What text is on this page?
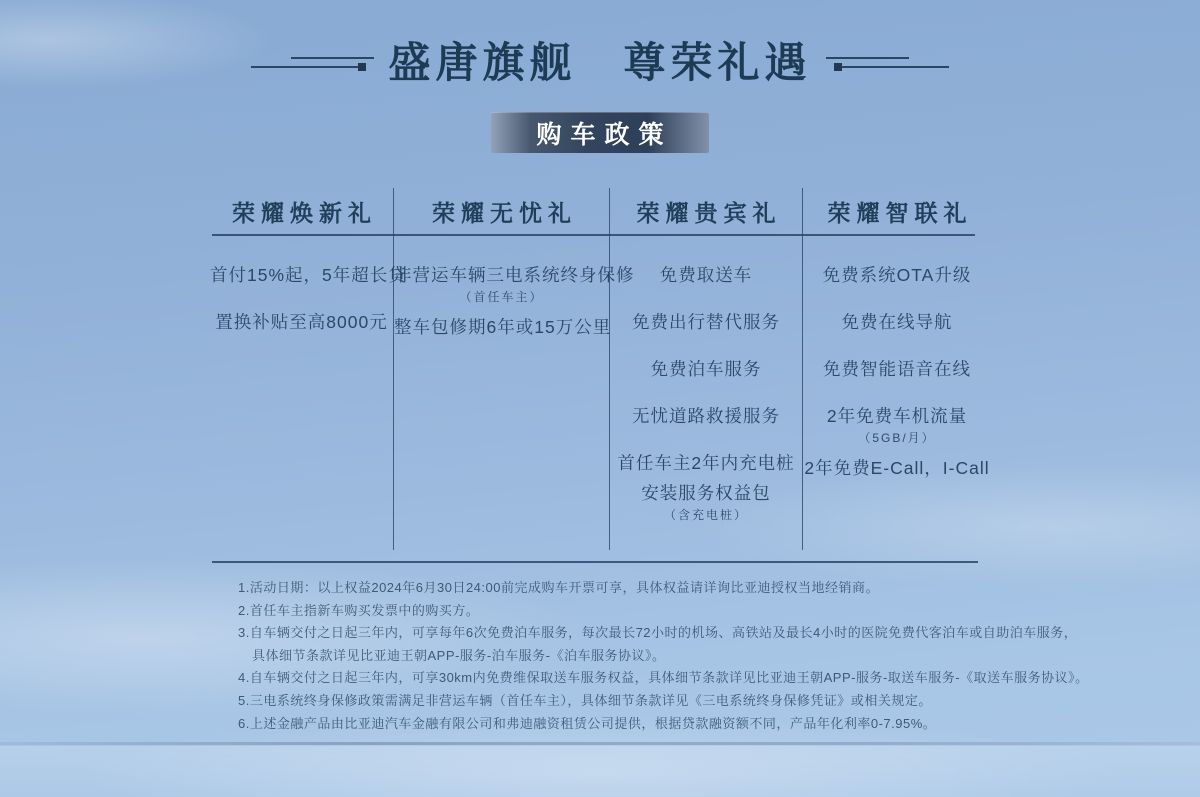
盛唐旗舰　尊荣礼遇
购车政策
荣耀焕新礼
首付15%起，5年超长贷
置换补贴至高8000元
荣耀无忧礼
非营运车辆三电系统终身保修
（首任车主）
整车包修期6年或15万公里
荣耀贵宾礼
免费取送车
免费出行替代服务
免费泊车服务
无忧道路救援服务
首任车主2年内充电桩
安装服务权益包
（含充电桩）
荣耀智联礼
免费系统OTA升级
免费在线导航
免费智能语音在线
2年免费车机流量
（5GB/月）
2年免费E-Call，I-Call

1.活动日期：以上权益2024年6月30日24:00前完成购车开票可享，具体权益请详询比亚迪授权当地经销商。

2.首任车主指新车购买发票中的购买方。

3.自车辆交付之日起三年内，可享每年6次免费泊车服务，每次最长72小时的机场、高铁站及最长4小时的医院免费代客泊车或自助泊车服务，

具体细节条款详见比亚迪王朝APP-服务-泊车服务-《泊车服务协议》。

4.自车辆交付之日起三年内，可享30km内免费维保取送车服务权益，具体细节条款详见比亚迪王朝APP-服务-取送车服务-《取送车服务协议》。

5.三电系统终身保修政策需满足非营运车辆（首任车主），具体细节条款详见《三电系统终身保修凭证》或相关规定。

6.上述金融产品由比亚迪汽车金融有限公司和弗迪融资租赁公司提供，根据贷款融资额不同，产品年化利率0-7.95%。
